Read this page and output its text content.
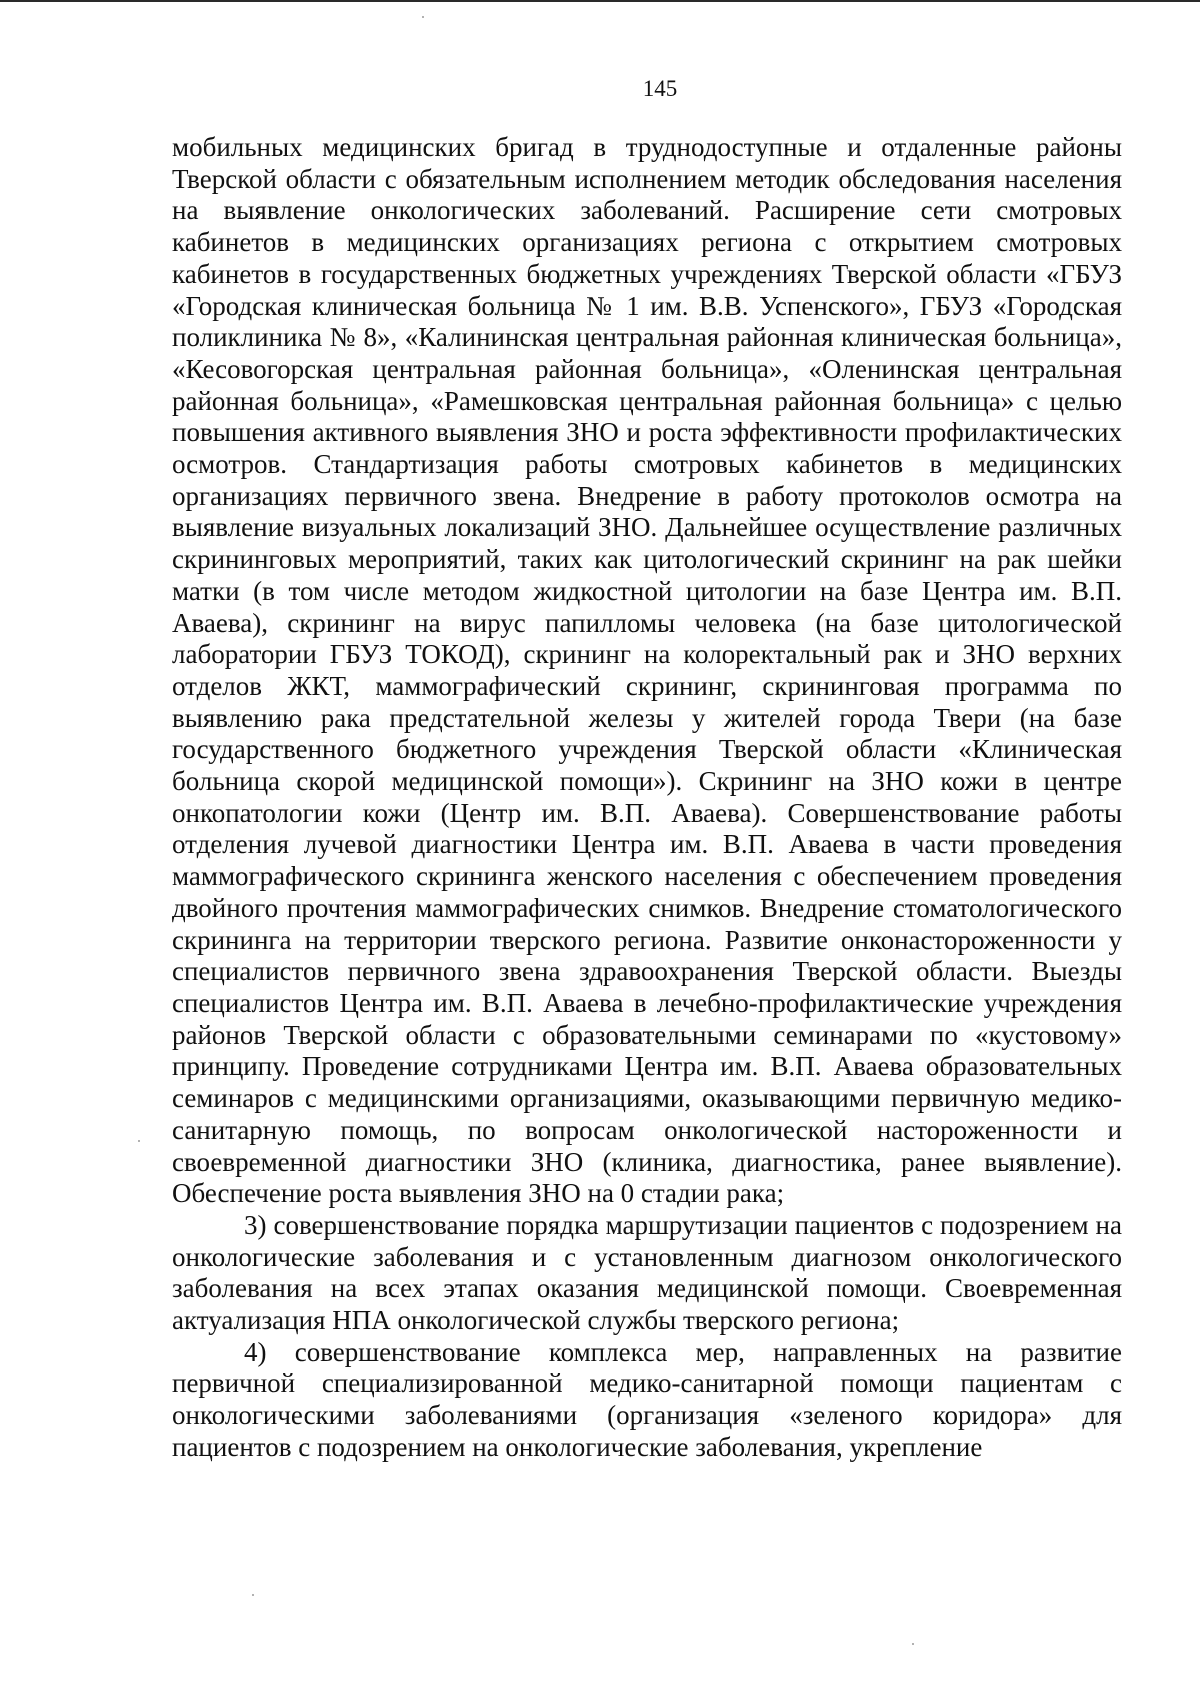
145

мобильных медицинских бригад в труднодоступные и отдаленные районы Тверской области с обязательным исполнением методик обследования населения на выявление онкологических заболеваний. Расширение сети смотровых кабинетов в медицинских организациях региона с открытием смотровых кабинетов в государственных бюджетных учреждениях Тверской области «ГБУЗ «Городская клиническая больница № 1 им. В.В. Успенского», ГБУЗ «Городская поликлиника № 8», «Калининская центральная районная клиническая больница», «Кесовогорская центральная районная больница», «Оленинская центральная районная больница», «Рамешковская центральная районная больница» с целью повышения активного выявления ЗНО и роста эффективности профилактических осмотров. Стандартизация работы смотровых кабинетов в медицинских организациях первичного звена. Внедрение в работу протоколов осмотра на выявление визуальных локализаций ЗНО. Дальнейшее осуществление различных скрининговых мероприятий, таких как цитологический скрининг на рак шейки матки (в том числе методом жидкостной цитологии на базе Центра им. В.П. Аваева), скрининг на вирус папилломы человека (на базе цитологической лаборатории ГБУЗ ТОКОД), скрининг на колоректальный рак и ЗНО верхних отделов ЖКТ, маммографический скрининг, скрининговая программа по выявлению рака предстательной железы у жителей города Твери (на базе государственного бюджетного учреждения Тверской области «Клиническая больница скорой медицинской помощи»). Скрининг на ЗНО кожи в центре онкопатологии кожи (Центр им. В.П. Аваева). Совершенствование работы отделения лучевой диагностики Центра им. В.П. Аваева в части проведения маммографического скрининга женского населения с обеспечением проведения двойного прочтения маммографических снимков. Внедрение стоматологического скрининга на территории тверского региона. Развитие онконастороженности у специалистов первичного звена здравоохранения Тверской области. Выезды специалистов Центра им. В.П. Аваева в лечебно-профилактические учреждения районов Тверской области с образовательными семинарами по «кустовому» принципу. Проведение сотрудниками Центра им. В.П. Аваева образовательных семинаров с медицинскими организациями, оказывающими первичную медико-санитарную помощь, по вопросам онкологической настороженности и своевременной диагностики ЗНО (клиника, диагностика, ранее выявление). Обеспечение роста выявления ЗНО на 0 стадии рака;

3) совершенствование порядка маршрутизации пациентов с подозрением на онкологические заболевания и с установленным диагнозом онкологического заболевания на всех этапах оказания медицинской помощи. Своевременная актуализация НПА онкологической службы тверского региона;

4) совершенствование комплекса мер, направленных на развитие первичной специализированной медико-санитарной помощи пациентам с онкологическими заболеваниями (организация «зеленого коридора» для пациентов с подозрением на онкологические заболевания, укрепление
